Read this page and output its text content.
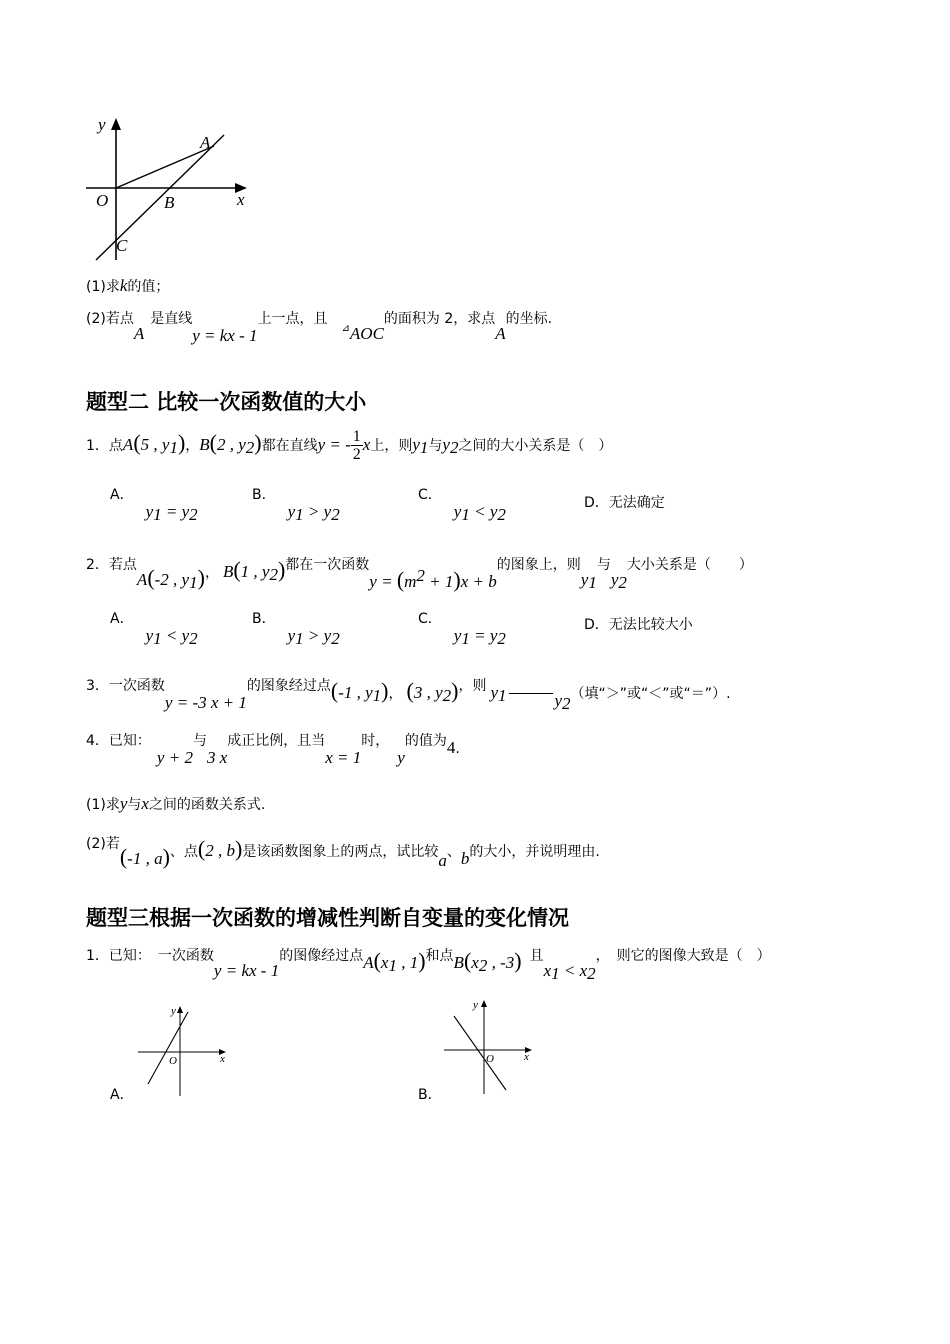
y
x
O
A
B
C
(1)求k的值；
(2)若点A是直线y = kx - 1上一点，且⊿AOC的面积为 2，求点A的坐标.
题型二 比较一次函数值的大小
1．点A(5 , $y_1$)，B(2 , $y_2$)都在直线y = - $\frac{1}{2}$ x上，则$y_1$与$y_2$之间的大小关系是（　）
A．$y_1 = y_2$
B．$y_1 > y_2$
C．$y_1 < y_2$
D．无法确定
2．若点A(-2 , $y_1$)， B(1 , $y_2$)都在一次函数$y = (m^2 + 1)x + b$的图象上，则$y_1$与$y_2$大小关系是（　　）
A．$y_1 < y_2$
B．$y_1 > y_2$
C．$y_1 = y_2$
D．无法比较大小
3．一次函数y = -3 x + 1的图象经过点(-1 , $y_1$)， (3 , $y_2$)，则 $y_1$	$y_2$（填“＞”或“＜”或“＝”）.
4．已知：y + 2与3 x成正比例，且当x = 1时，y的值为4.
(1)求y与x之间的函数关系式.
(2)若(-1 , a)、点(2 , b)是该函数图象上的两点，试比较a、b的大小，并说明理由.
题型三根据一次函数的增减性判断自变量的变化情况
1．已知：　一次函数y = kx - 1的图像经过点$A(x_1$ , 1)和点$B(x_2$ , -3) 且$x_1 < x_2$，　则它的图像大致是（　）
A．
y
x
O
B．
y
x
O
